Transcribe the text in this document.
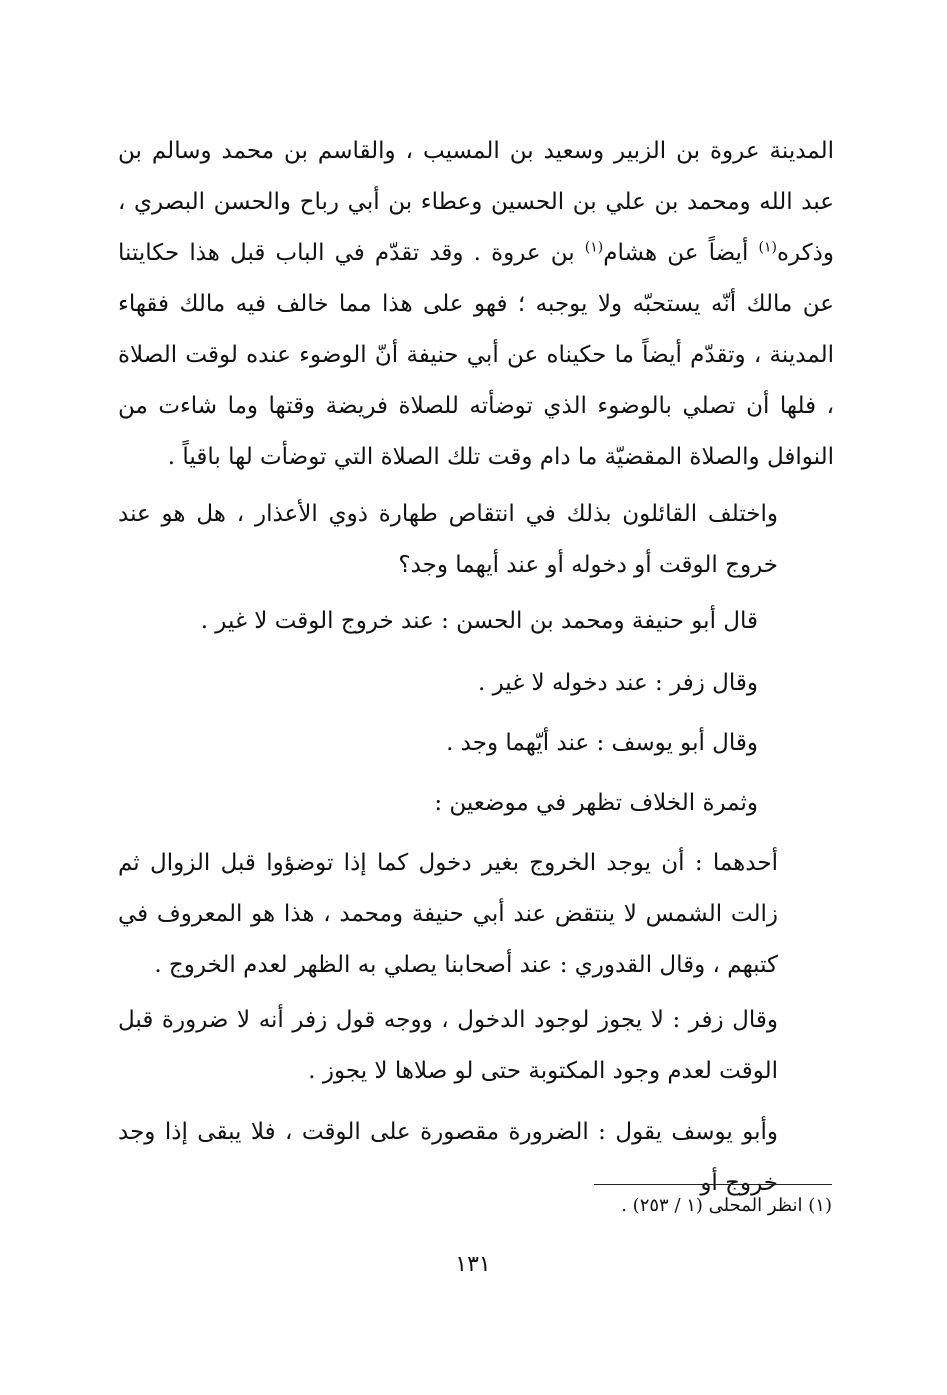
المدينة عروة بن الزبير وسعيد بن المسيب ، والقاسم بن محمد وسالم بن عبد الله ومحمد بن علي بن الحسين وعطاء بن أبي رباح والحسن البصري ، وذكره$^{(١)}$ أيضاً عن هشام$^{(١)}$ بن عروة . وقد تقدّم في الباب قبل هذا حكايتنا عن مالك أنّه يستحبّه ولا يوجبه ؛ فهو على هذا مما خالف فيه مالك فقهاء المدينة ، وتقدّم أيضاً ما حكيناه عن أبي حنيفة أنّ الوضوء عنده لوقت الصلاة ، فلها أن تصلي بالوضوء الذي توضأته للصلاة فريضة وقتها وما شاءت من النوافل والصلاة المقضيّة ما دام وقت تلك الصلاة التي توضأت لها باقياً .

واختلف القائلون بذلك في انتقاص طهارة ذوي الأعذار ، هل هو عند خروج الوقت أو دخوله أو عند أيهما وجد؟

قال أبو حنيفة ومحمد بن الحسن : عند خروج الوقت لا غير .

وقال زفر : عند دخوله لا غير .

وقال أبو يوسف : عند أيّهما وجد .

وثمرة الخلاف تظهر في موضعين :

أحدهما : أن يوجد الخروج بغير دخول كما إذا توضؤوا قبل الزوال ثم زالت الشمس لا ينتقض عند أبي حنيفة ومحمد ، هذا هو المعروف في كتبهم ، وقال القدوري : عند أصحابنا يصلي به الظهر لعدم الخروج .

وقال زفر : لا يجوز لوجود الدخول ، ووجه قول زفر أنه لا ضرورة قبل الوقت لعدم وجود المكتوبة حتى لو صلاها لا يجوز .

وأبو يوسف يقول : الضرورة مقصورة على الوقت ، فلا يبقى إذا وجد خروج أو

(١) انظر المحلى (١ / ٢٥٣) .
١٣١
